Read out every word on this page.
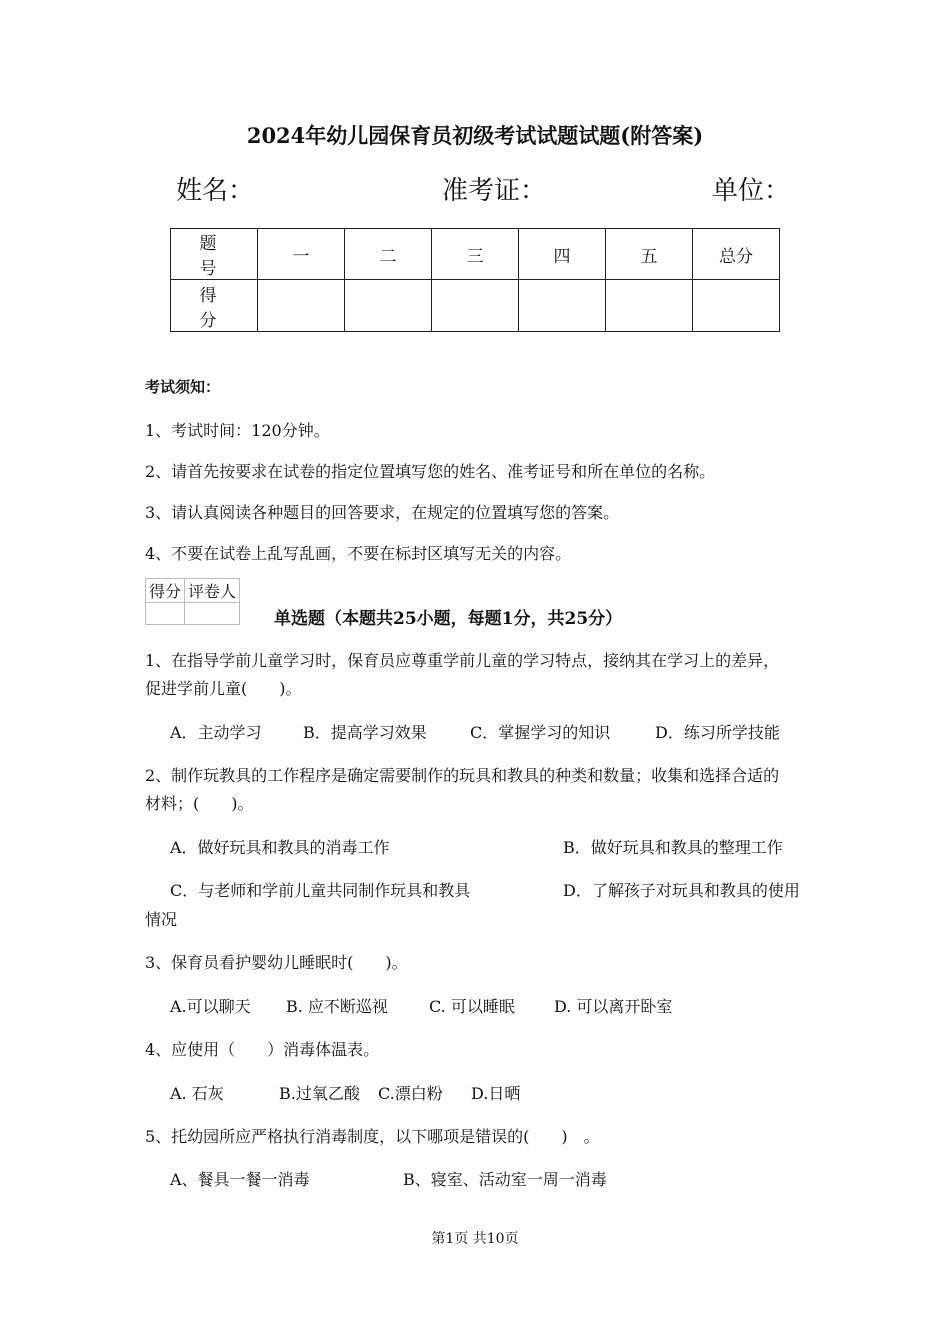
2024年幼儿园保育员初级考试试题试题(附答案)
姓名：	准考证：	单位：
题　号	一	二	三	四	五	总分
得　分						
考试须知：
1、考试时间：120分钟。
2、请首先按要求在试卷的指定位置填写您的姓名、准考证号和所在单位的名称。
3、请认真阅读各种题目的回答要求，在规定的位置填写您的答案。
4、不要在试卷上乱写乱画，不要在标封区填写无关的内容。
得分	评卷人

单选题（本题共25小题，每题1分，共25分）
1、在指导学前儿童学习时，保育员应尊重学前儿童的学习特点，接纳其在学习上的差异，
促进学前儿童(　　)。
A．主动学习	B．提高学习效果	C．掌握学习的知识	D．练习所学技能
2、制作玩教具的工作程序是确定需要制作的玩具和教具的种类和数量；收集和选择合适的
材料；(　　)。
A．做好玩具和教具的消毒工作	B．做好玩具和教具的整理工作
C．与老师和学前儿童共同制作玩具和教具	D．了解孩子对玩具和教具的使用
情况
3、保育员看护婴幼儿睡眠时(　　)。
A.可以聊天 B. 应不断巡视	C. 可以睡眠 D. 可以离开卧室
4、应使用（　　）消毒体温表。
A. 石灰	B.过氧乙酸 C.漂白粉 D.日晒
5、托幼园所应严格执行消毒制度，以下哪项是错误的(　　)　。
A、餐具一餐一消毒	B、寝室、活动室一周一消毒
第1页 共10页
